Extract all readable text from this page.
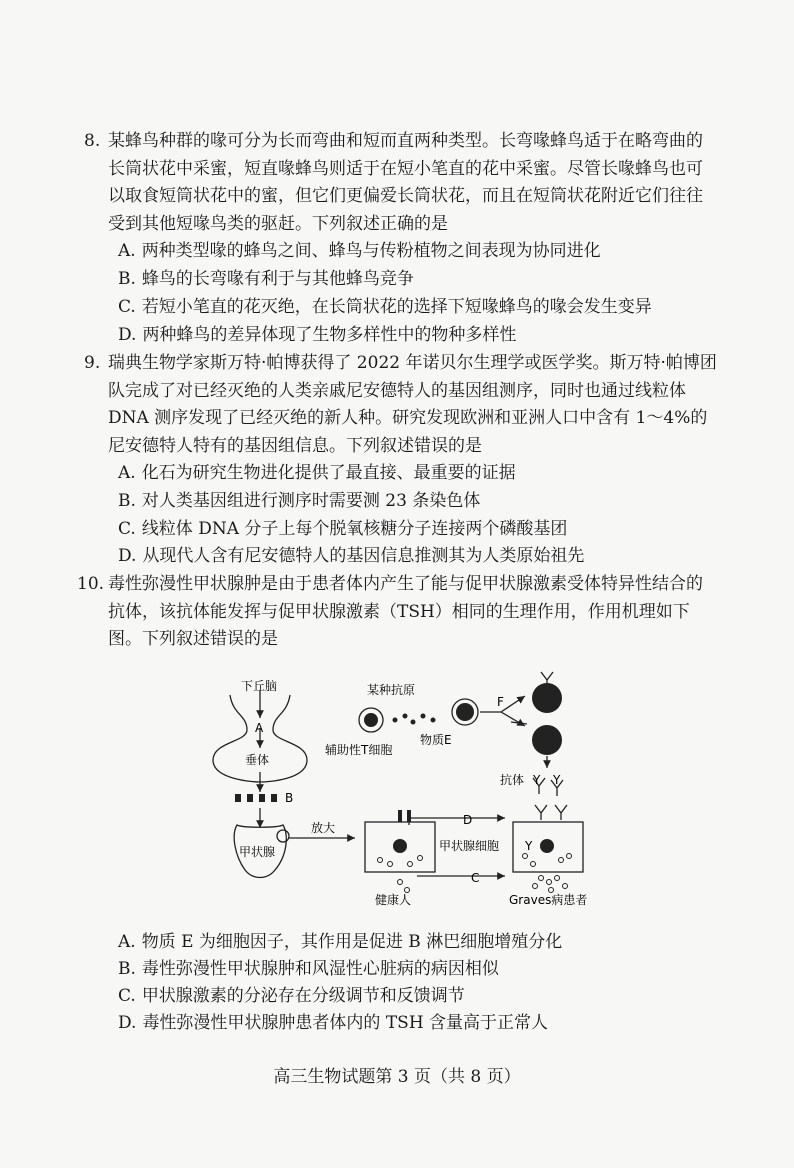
8. 某蜂鸟种群的喙可分为长而弯曲和短而直两种类型。长弯喙蜂鸟适于在略弯曲的长筒状花中采蜜，短直喙蜂鸟则适于在短小笔直的花中采蜜。尽管长喙蜂鸟也可以取食短筒状花中的蜜，但它们更偏爱长筒状花，而且在短筒状花附近它们往往受到其他短喙鸟类的驱赶。下列叙述正确的是
A. 两种类型喙的蜂鸟之间、蜂鸟与传粉植物之间表现为协同进化
B. 蜂鸟的长弯喙有利于与其他蜂鸟竞争
C. 若短小笔直的花灭绝，在长筒状花的选择下短喙蜂鸟的喙会发生变异
D. 两种蜂鸟的差异体现了生物多样性中的物种多样性
9. 瑞典生物学家斯万特·帕博获得了 2022 年诺贝尔生理学或医学奖。斯万特·帕博团队完成了对已经灭绝的人类亲戚尼安德特人的基因组测序，同时也通过线粒体 DNA 测序发现了已经灭绝的新人种。研究发现欧洲和亚洲人口中含有 1～4%的尼安德特人特有的基因组信息。下列叙述错误的是
A. 化石为研究生物进化提供了最直接、最重要的证据
B. 对人类基因组进行测序时需要测 23 条染色体
C. 线粒体 DNA 分子上每个脱氧核糖分子连接两个磷酸基团
D. 从现代人含有尼安德特人的基因信息推测其为人类原始祖先
10. 毒性弥漫性甲状腺肿是由于患者体内产生了能与促甲状腺激素受体特异性结合的抗体，该抗体能发挥与促甲状腺激素（TSH）相同的生理作用，作用机理如下图。下列叙述错误的是
下丘脑
A
垂体
B
甲状腺
放大
某种抗原
辅助性T细胞
物质E
F
抗体 Y Y
Y
D
C
甲状腺细胞
健康人	Graves病患者
A. 物质 E 为细胞因子，其作用是促进 B 淋巴细胞增殖分化
B. 毒性弥漫性甲状腺肿和风湿性心脏病的病因相似
C. 甲状腺激素的分泌存在分级调节和反馈调节
D. 毒性弥漫性甲状腺肿患者体内的 TSH 含量高于正常人
高三生物试题第 3 页（共 8 页）
